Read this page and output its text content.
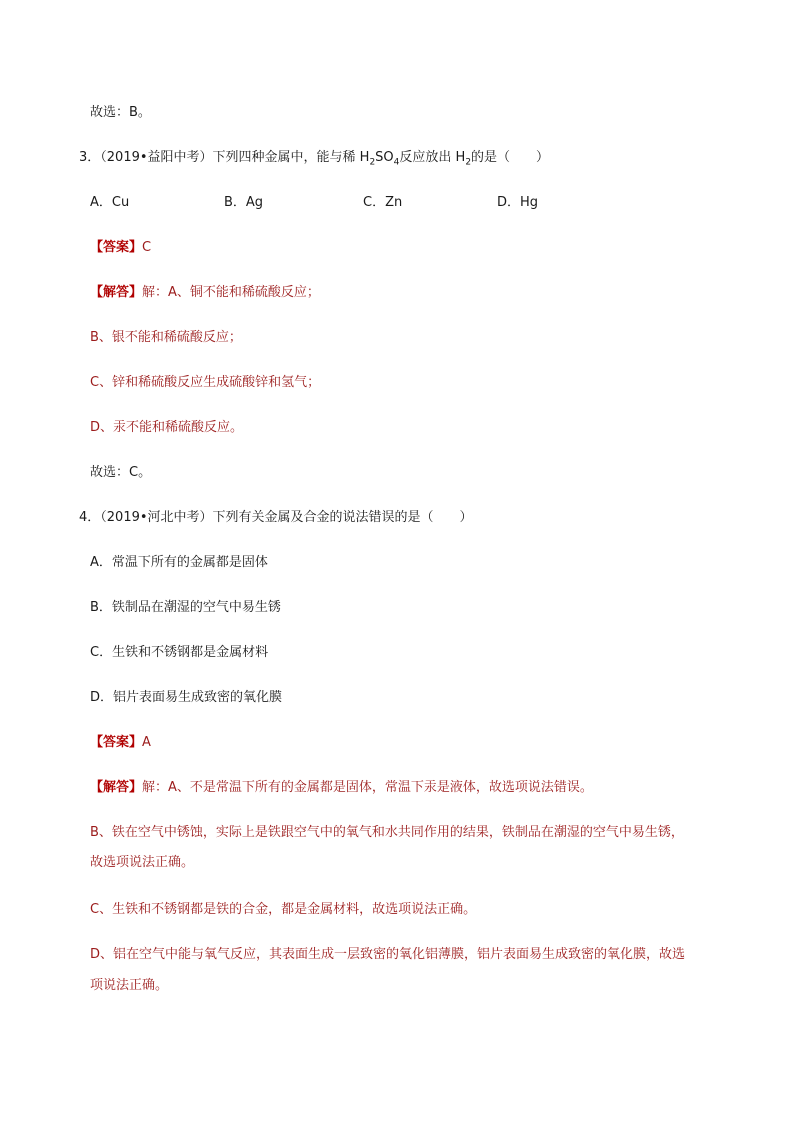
故选：B。
3．（2019•益阳中考）下列四种金属中，能与稀 $H_2SO_4$反应放出 $H_2$的是（　　）
A．Cu	B．Ag	C．Zn	D．Hg
【答案】C
【解答】解：A、铜不能和稀硫酸反应；
B、银不能和稀硫酸反应；
C、锌和稀硫酸反应生成硫酸锌和氢气；
D、汞不能和稀硫酸反应。
故选：C。
4．（2019•河北中考）下列有关金属及合金的说法错误的是（　　）
A．常温下所有的金属都是固体
B．铁制品在潮湿的空气中易生锈
C．生铁和不锈钢都是金属材料
D．铝片表面易生成致密的氧化膜
【答案】A
【解答】解：A、不是常温下所有的金属都是固体，常温下汞是液体，故选项说法错误。
B、铁在空气中锈蚀，实际上是铁跟空气中的氧气和水共同作用的结果，铁制品在潮湿的空气中易生锈，
故选项说法正确。
C、生铁和不锈钢都是铁的合金，都是金属材料，故选项说法正确。
D、铝在空气中能与氧气反应，其表面生成一层致密的氧化铝薄膜，铝片表面易生成致密的氧化膜，故选
项说法正确。
